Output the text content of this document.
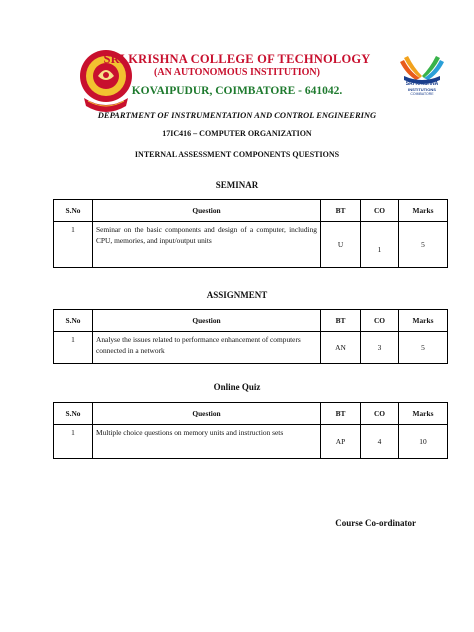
SRI KRISHNA
INSTITUTIONS
COIMBATORE
SRI KRISHNA COLLEGE OF TECHNOLOGY
(AN AUTONOMOUS INSTITUTION)
KOVAIPUDUR, COIMBATORE - 641042.
DEPARTMENT OF INSTRUMENTATION AND CONTROL ENGINEERING
17IC416 – COMPUTER ORGANIZATION
INTERNAL ASSESSMENT COMPONENTS QUESTIONS
SEMINAR
S.No	Question	BT	CO	Marks
1	Seminar on the basic components and design of a computer, including CPU, memories, and input/output units	U	1	5
ASSIGNMENT
S.No	Question	BT	CO	Marks
1	Analyse the issues related to performance enhancement of computers connected in a network	AN	3	5
Online Quiz
S.No	Question	BT	CO	Marks
1	Multiple choice questions on memory units and instruction sets	AP	4	10
Course Co-ordinator
